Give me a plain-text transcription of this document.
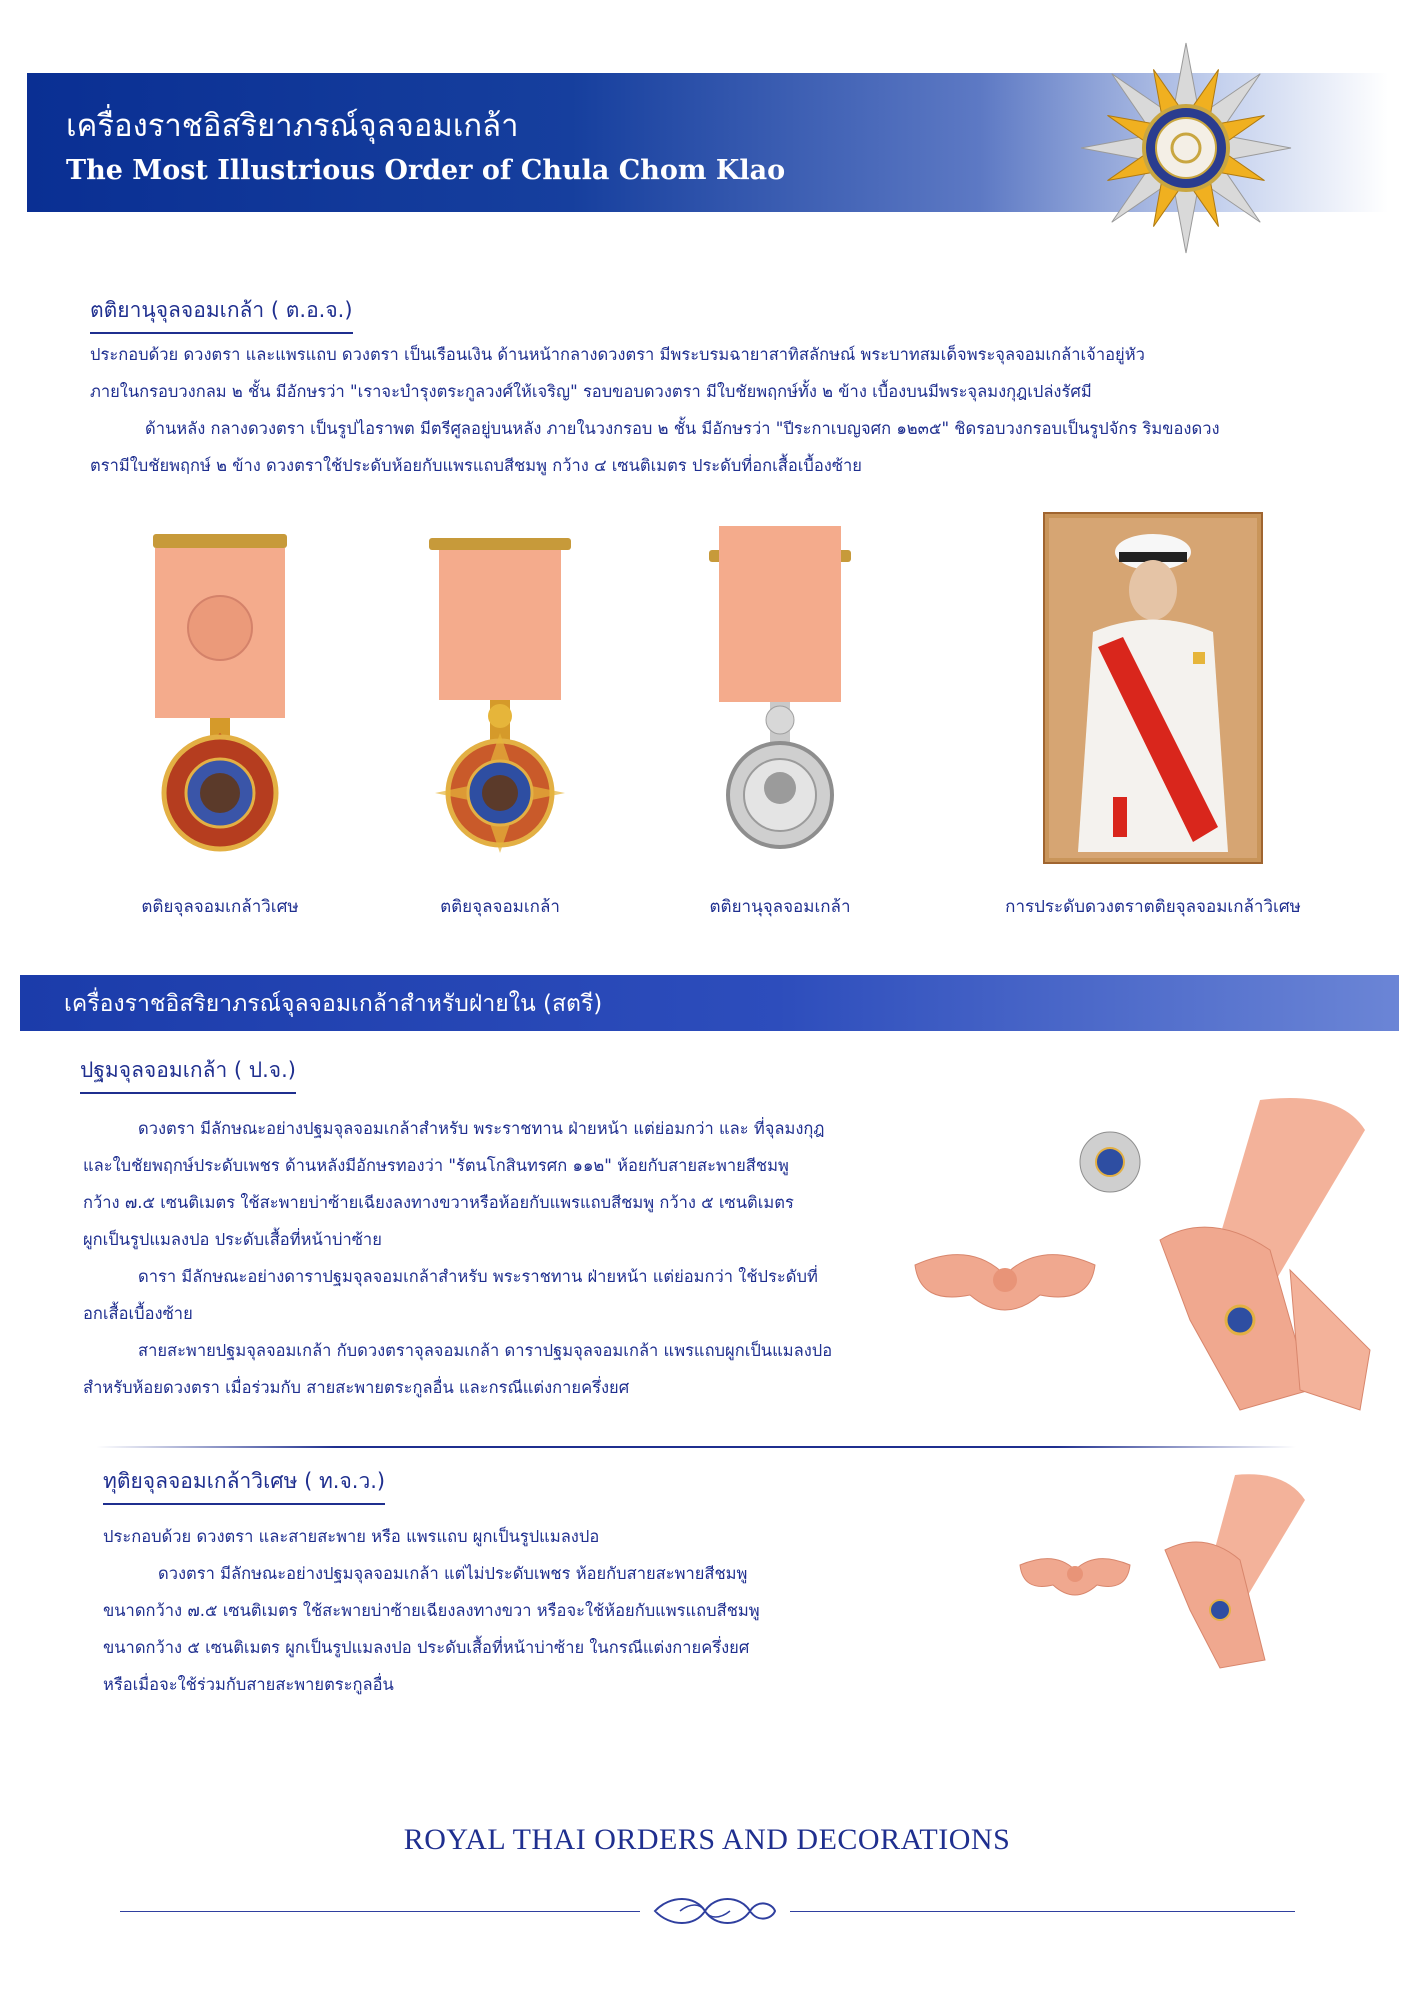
เครื่องราชอิสริยาภรณ์จุลจอมเกล้า
The Most Illustrious Order of Chula Chom Klao
ตติยานุจุลจอมเกล้า ( ต.อ.จ.)

ประกอบด้วย ดวงตรา และแพรแถบ ดวงตรา เป็นเรือนเงิน ด้านหน้ากลางดวงตรา มีพระบรมฉายาสาทิสลักษณ์ พระบาทสมเด็จพระจุลจอมเกล้าเจ้าอยู่หัว

ภายในกรอบวงกลม ๒ ชั้น มีอักษรว่า "เราจะบำรุงตระกูลวงศ์ให้เจริญ" รอบขอบดวงตรา มีใบชัยพฤกษ์ทั้ง ๒ ข้าง เบื้องบนมีพระจุลมงกุฎเปล่งรัศมี

ด้านหลัง กลางดวงตรา เป็นรูปไอราพต มีตรีศูลอยู่บนหลัง ภายในวงกรอบ ๒ ชั้น มีอักษรว่า "ปีระกาเบญจศก ๑๒๓๕" ชิดรอบวงกรอบเป็นรูปจักร ริมของดวง

ตรามีใบชัยพฤกษ์ ๒ ข้าง ดวงตราใช้ประดับห้อยกับแพรแถบสีชมพู กว้าง ๔ เซนติเมตร ประดับที่อกเสื้อเบื้องซ้าย

ตติยจุลจอมเกล้าวิเศษ	ตติยจุลจอมเกล้า	ตติยานุจุลจอมเกล้า	การประดับดวงตราตติยจุลจอมเกล้าวิเศษ
เครื่องราชอิสริยาภรณ์จุลจอมเกล้าสำหรับฝ่ายใน (สตรี)
ปฐมจุลจอมเกล้า ( ป.จ.)

ดวงตรา มีลักษณะอย่างปฐมจุลจอมเกล้าสำหรับ พระราชทาน ฝ่ายหน้า แต่ย่อมกว่า และ ที่จุลมงกุฎ

และใบชัยพฤกษ์ประดับเพชร ด้านหลังมีอักษรทองว่า "รัตนโกสินทรศก ๑๑๒" ห้อยกับสายสะพายสีชมพู

กว้าง ๗.๕ เซนติเมตร ใช้สะพายบ่าซ้ายเฉียงลงทางขวาหรือห้อยกับแพรแถบสีชมพู กว้าง ๕ เซนติเมตร

ผูกเป็นรูปแมลงปอ ประดับเสื้อที่หน้าบ่าซ้าย

ดารา มีลักษณะอย่างดาราปฐมจุลจอมเกล้าสำหรับ พระราชทาน ฝ่ายหน้า แต่ย่อมกว่า ใช้ประดับที่

อกเสื้อเบื้องซ้าย

สายสะพายปฐมจุลจอมเกล้า กับดวงตราจุลจอมเกล้า ดาราปฐมจุลจอมเกล้า แพรแถบผูกเป็นแมลงปอ

สำหรับห้อยดวงตรา เมื่อร่วมกับ สายสะพายตระกูลอื่น และกรณีแต่งกายครึ่งยศ

ทุติยจุลจอมเกล้าวิเศษ ( ท.จ.ว.)

ประกอบด้วย ดวงตรา และสายสะพาย หรือ แพรแถบ ผูกเป็นรูปแมลงปอ

ดวงตรา มีลักษณะอย่างปฐมจุลจอมเกล้า แต่ไม่ประดับเพชร ห้อยกับสายสะพายสีชมพู

ขนาดกว้าง ๗.๕ เซนติเมตร ใช้สะพายบ่าซ้ายเฉียงลงทางขวา หรือจะใช้ห้อยกับแพรแถบสีชมพู

ขนาดกว้าง ๕ เซนติเมตร ผูกเป็นรูปแมลงปอ ประดับเสื้อที่หน้าบ่าซ้าย ในกรณีแต่งกายครึ่งยศ

หรือเมื่อจะใช้ร่วมกับสายสะพายตระกูลอื่น

ROYAL THAI ORDERS AND DECORATIONS
